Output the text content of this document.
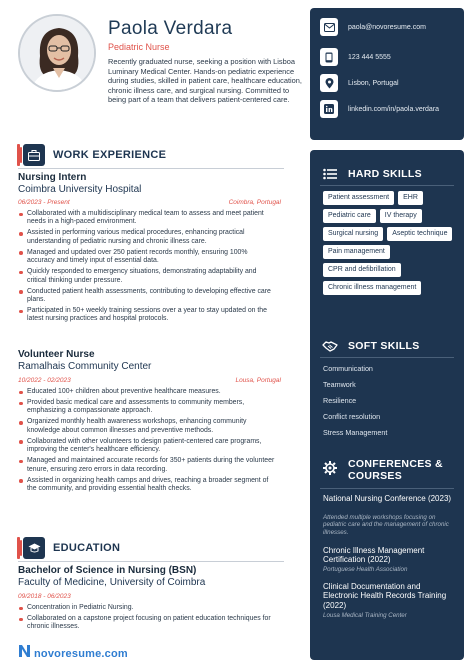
Paola Verdara
Pediatric Nurse
Recently graduated nurse, seeking a position with Lisboa Luminary Medical Center. Hands-on pediatric experience during studies, skilled in patient care, healthcare education, chronic illness care, and surgical nursing. Committed to being part of a team that delivers patient-centered care.
paola@novoresume.com
123 444 5555
Lisbon, Portugal
linkedin.com/in/paola.verdara
WORK EXPERIENCE
Nursing Intern
Coimbra University Hospital
06/2023 - Present	Coimbra, Portugal
Collaborated with a multidisciplinary medical team to assess and meet patient needs in a high-paced environment.
Assisted in performing various medical procedures, enhancing practical understanding of pediatric nursing and chronic illness care.
Managed and updated over 250 patient records monthly, ensuring 100% accuracy and timely input of essential data.
Quickly responded to emergency situations, demonstrating adaptability and critical thinking under pressure.
Conducted patient health assessments, contributing to developing effective care plans.
Participated in 50+ weekly training sessions over a year to stay updated on the latest nursing practices and hospital protocols.
Volunteer Nurse
Ramalhais Community Center
10/2022 - 02/2023	Lousa, Portugal
Educated 100+ children about preventive healthcare measures.
Provided basic medical care and assessments to community members, emphasizing a compassionate approach.
Organized monthly health awareness workshops, enhancing community knowledge about common illnesses and preventive methods.
Collaborated with other volunteers to design patient-centered care programs, improving the center's healthcare efficiency.
Managed and maintained accurate records for 350+ patients during the volunteer tenure, ensuring zero errors in data recording.
Assisted in organizing health camps and drives, reaching a broader segment of the community, and providing essential health checks.
EDUCATION
Bachelor of Science in Nursing (BSN)
Faculty of Medicine, University of Coimbra
09/2018 - 06/2023
Concentration in Pediatric Nursing.
Collaborated on a capstone project focusing on patient education techniques for chronic illnesses.
novoresume.com
HARD SKILLS
Patient assessment	EHR
Pediatric care	IV therapy
Surgical nursing	Aseptic technique
Pain management
CPR and defibrillation
Chronic illness management
SOFT SKILLS
Communication
Teamwork
Resilience
Conflict resolution
Stress Management
CONFERENCES & COURSES
National Nursing Conference (2023)
Attended multiple workshops focusing on pediatric care and the management of chronic illnesses.
Chronic Illness Management Certification (2022)
Portuguese Health Association
Clinical Documentation and Electronic Health Records Training (2022)
Lousa Medical Training Center
